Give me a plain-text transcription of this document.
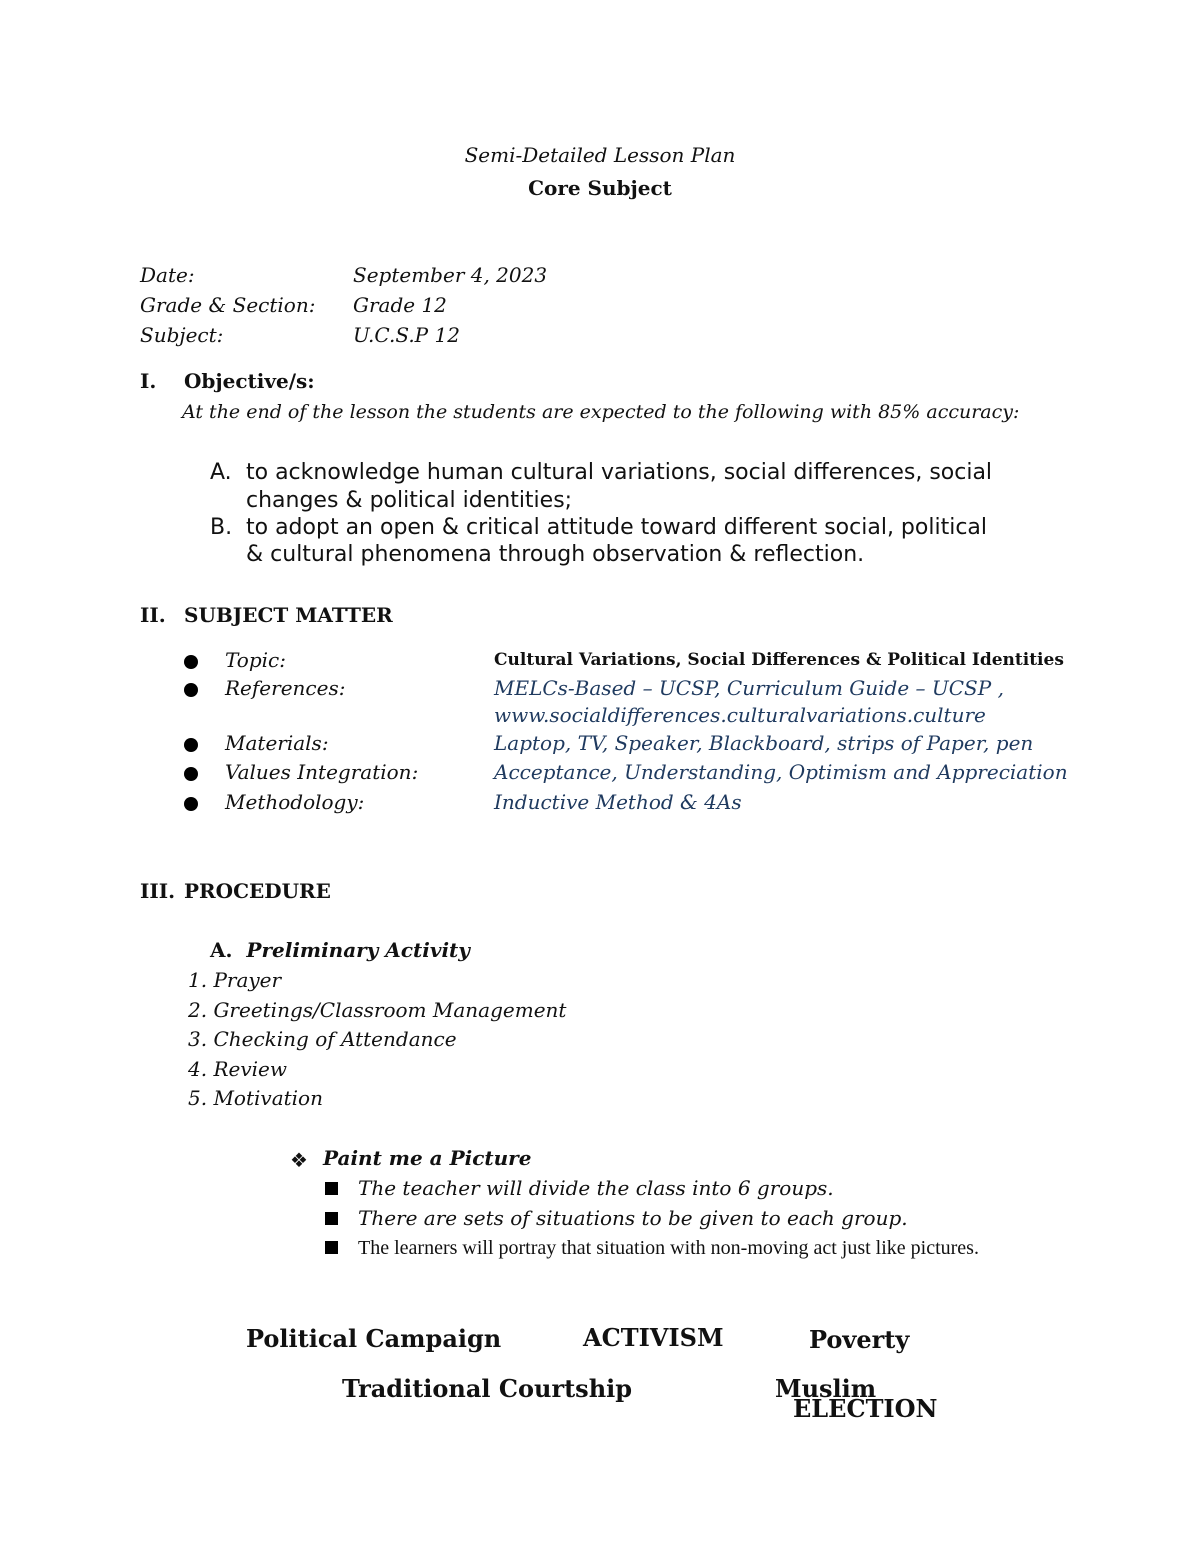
Semi-Detailed Lesson Plan
Core Subject
Date:	September 4, 2023
Grade & Section: Grade 12
Subject:	U.C.S.P 12
I. Objective/s:
At the end of the lesson the students are expected to the following with 85% accuracy:
A. to acknowledge human cultural variations, social differences, social
changes & political identities;
B. to adopt an open & critical attitude toward different social, political
& cultural phenomena through observation & reflection.
II. SUBJECT MATTER
Topic:	Cultural Variations, Social Differences & Political Identities
References:	MELCs-Based – UCSP, Curriculum Guide – UCSP ,
www.socialdifferences.culturalvariations.culture
Materials:	Laptop, TV, Speaker, Blackboard, strips of Paper, pen
Values Integration:	Acceptance, Understanding, Optimism and Appreciation
Methodology:	Inductive Method & 4As
III. PROCEDURE
A. Preliminary Activity
1. Prayer
2. Greetings/Classroom Management
3. Checking of Attendance
4. Review
5. Motivation
❖ Paint me a Picture
The teacher will divide the class into 6 groups.
There are sets of situations to be given to each group.
The learners will portray that situation with non-moving act just like pictures.
Political Campaign	ACTIVISM	Poverty
Traditional Courtship	Muslim
ELECTION
